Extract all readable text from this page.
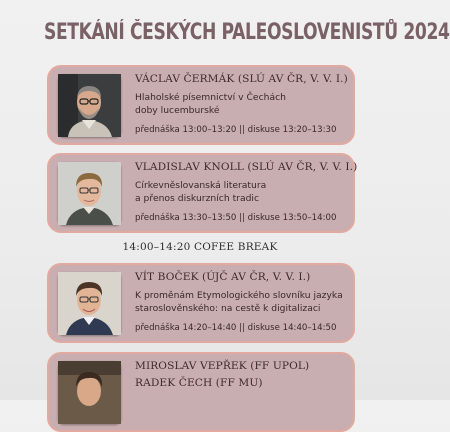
SETKÁNÍ ČESKÝCH PALEOSLOVENISTŮ 2024
VÁCLAV ČERMÁK (SLÚ AV ČR, V. V. I.)
Hlaholské písemnictví v Čechách
doby lucemburské
přednáška 13:00–13:20 || diskuse 13:20–13:30
VLADISLAV KNOLL (SLÚ AV ČR, V. V. I.)
Církevněslovanská literatura
a přenos diskurzních tradic
přednáška 13:30–13:50 || diskuse 13:50–14:00
14:00–14:20 COFEE BREAK
VÍT BOČEK (ÚJČ AV ČR, V. V. I.)
K proměnám Etymologického slovníku jazyka
staroslověnského: na cestě k digitalizaci
přednáška 14:20–14:40 || diskuse 14:40–14:50
MIROSLAV VEPŘEK (FF UPOL)
RADEK ČECH (FF MU)
